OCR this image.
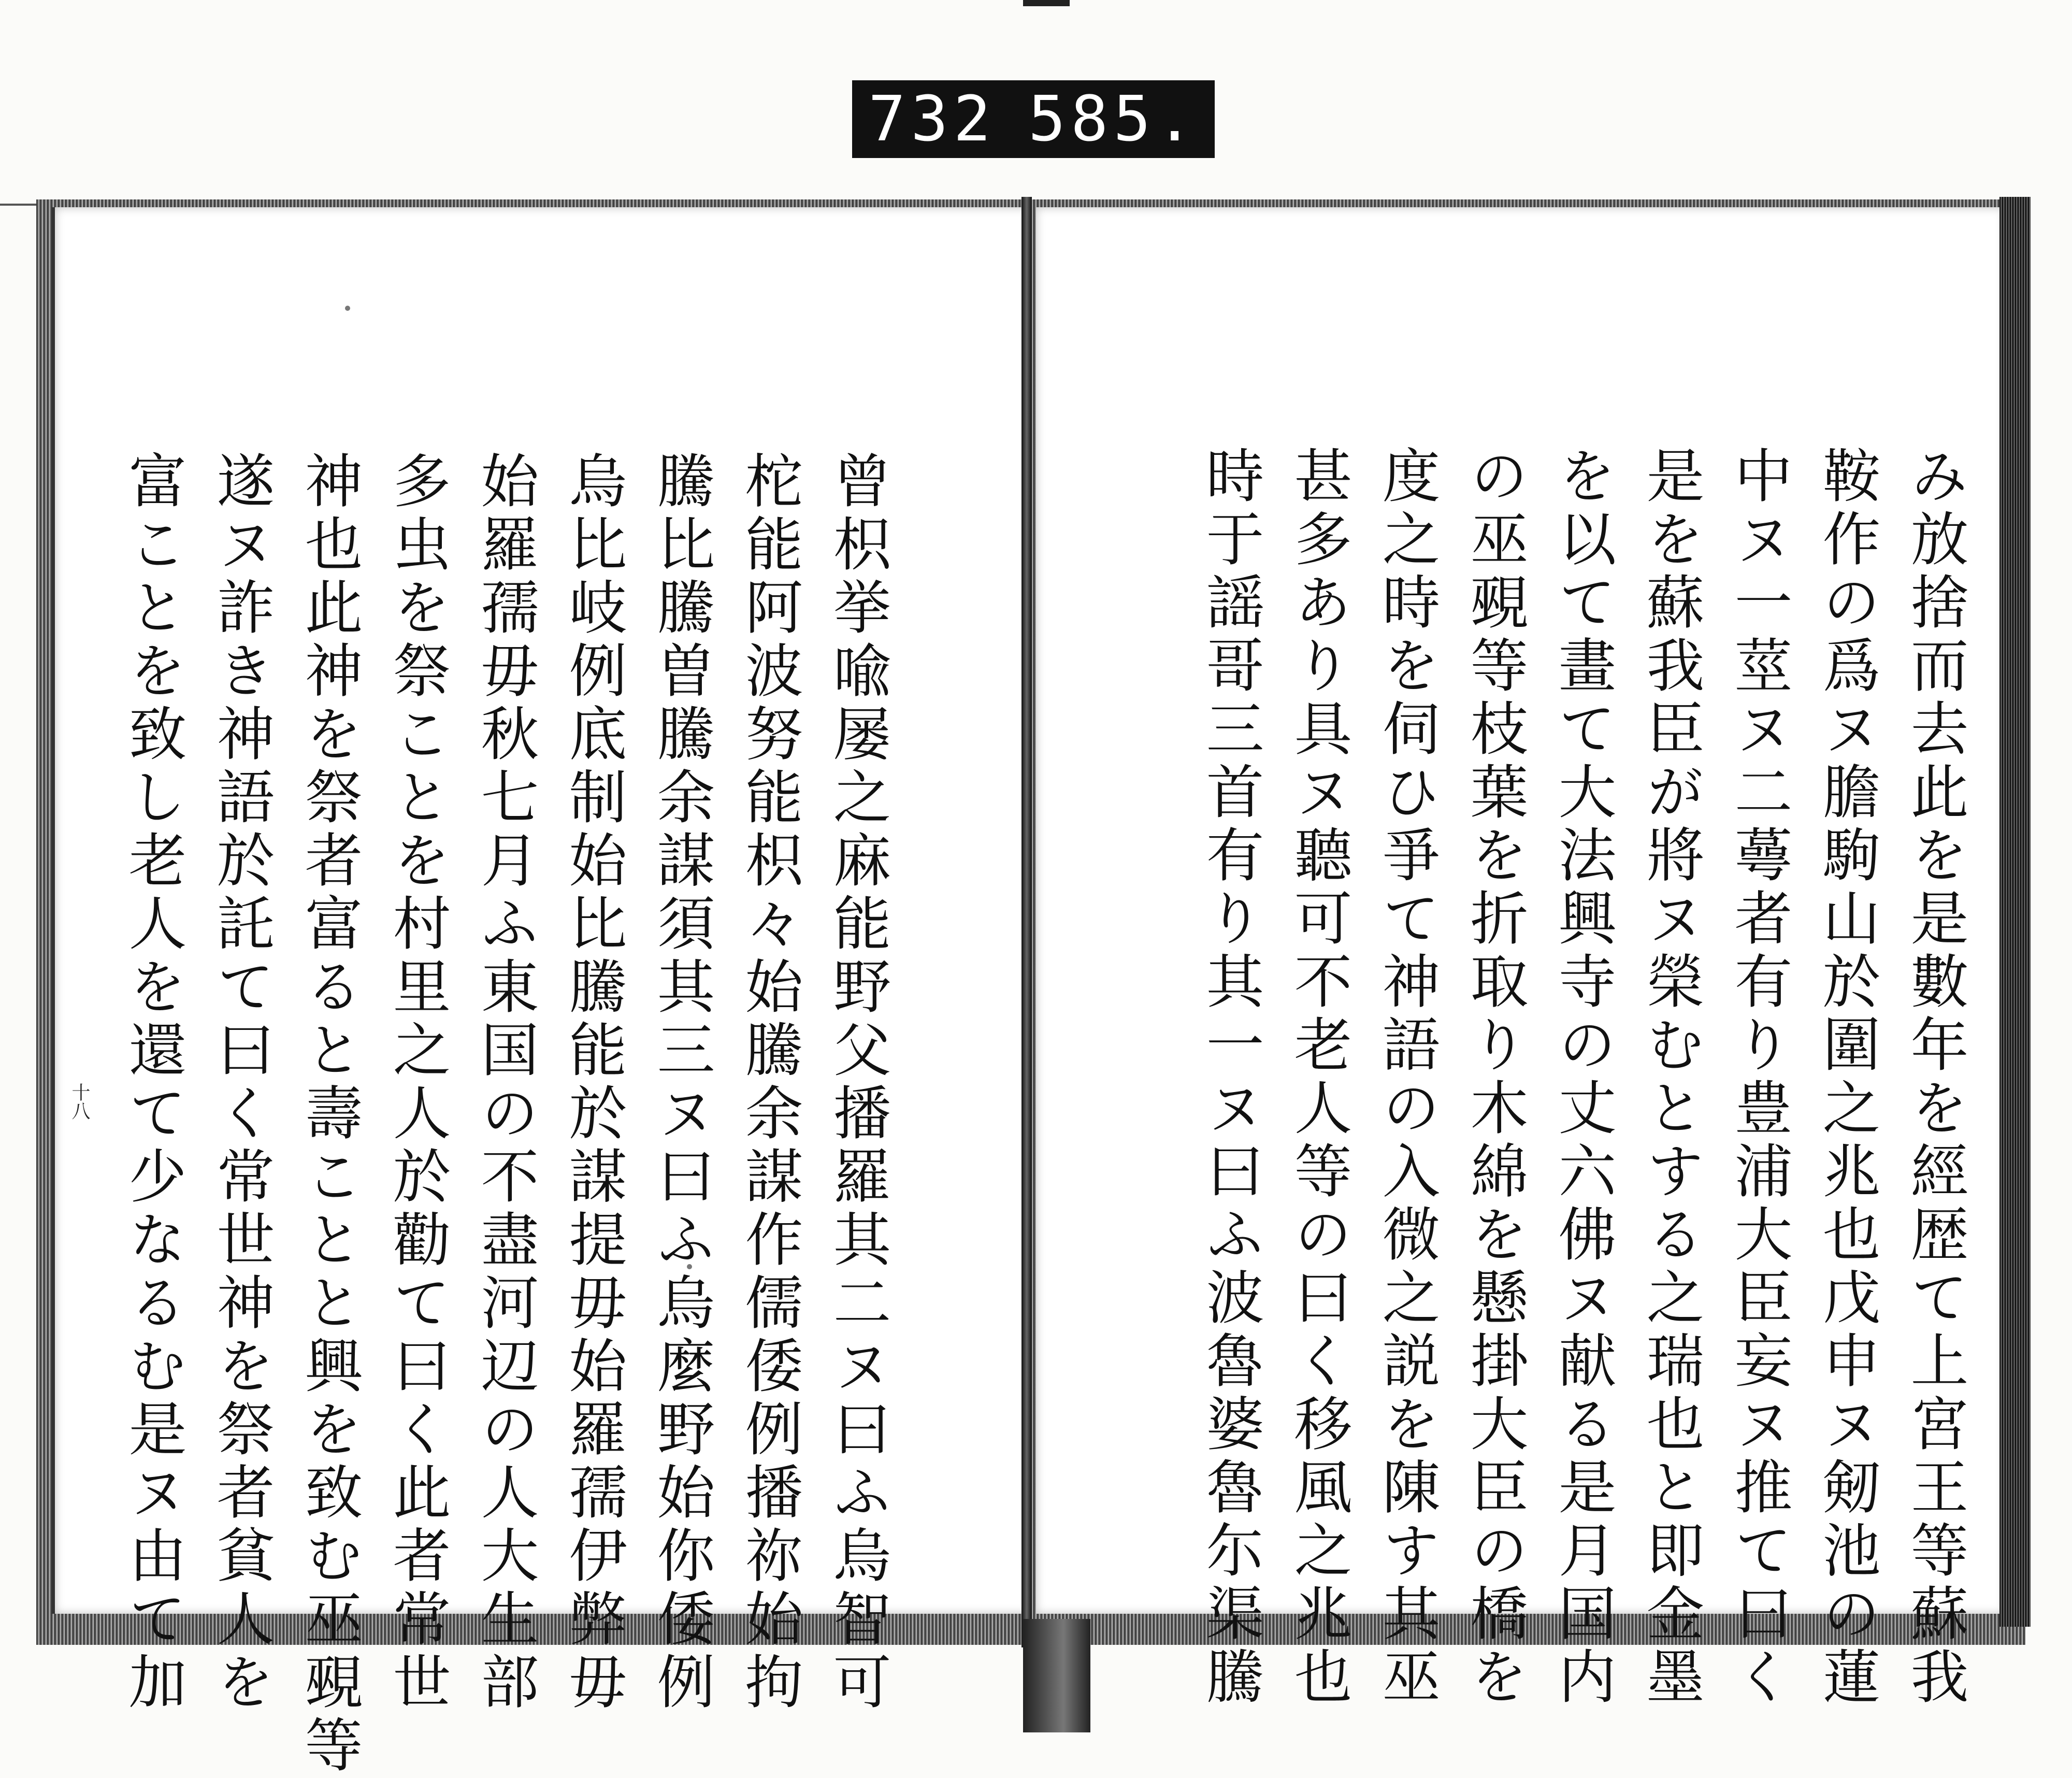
732 585.
曾枳挙喩屡之麻能野父播羅其二ヌ曰ふ烏智可
柁能阿波努能枳々始騰余謀作儒倭例播祢始拘
騰比騰曽騰余謀須其三ヌ曰ふ烏麼野始你倭例
烏比岐例底制始比騰能於謀提毋始羅孺伊弊毋
始羅孺毋秋七月ふ東国の不盡河辺の人大生部
多虫を祭ことを村里之人於勸て曰く此者常世
神也此神を祭者富ると壽ことと興を致む巫覡等
遂ヌ詐き神語於託て曰く常世神を祭者貧人を
富ことを致し老人を還て少なるむ是ヌ由て加
十八	み放捨而去此を是數年を經歴て上宮王等蘇我
鞍作の爲ヌ膽駒山於圍之兆也戊申ヌ剱池の蓮
中ヌ一莖ヌ二蕚者有り豊浦大臣妄ヌ推て曰く
是を蘇我臣が將ヌ榮むとする之瑞也と即金墨
を以て畫て大法興寺の丈六佛ヌ献る是月国内
の巫覡等枝葉を折取り木綿を懸掛大臣の橋を
度之時を伺ひ爭て神語の入微之説を陳す其巫
甚多あり具ヌ聽可不老人等の曰く移風之兆也
時于謡哥三首有り其一ヌ曰ふ波魯婆魯尓渠騰
